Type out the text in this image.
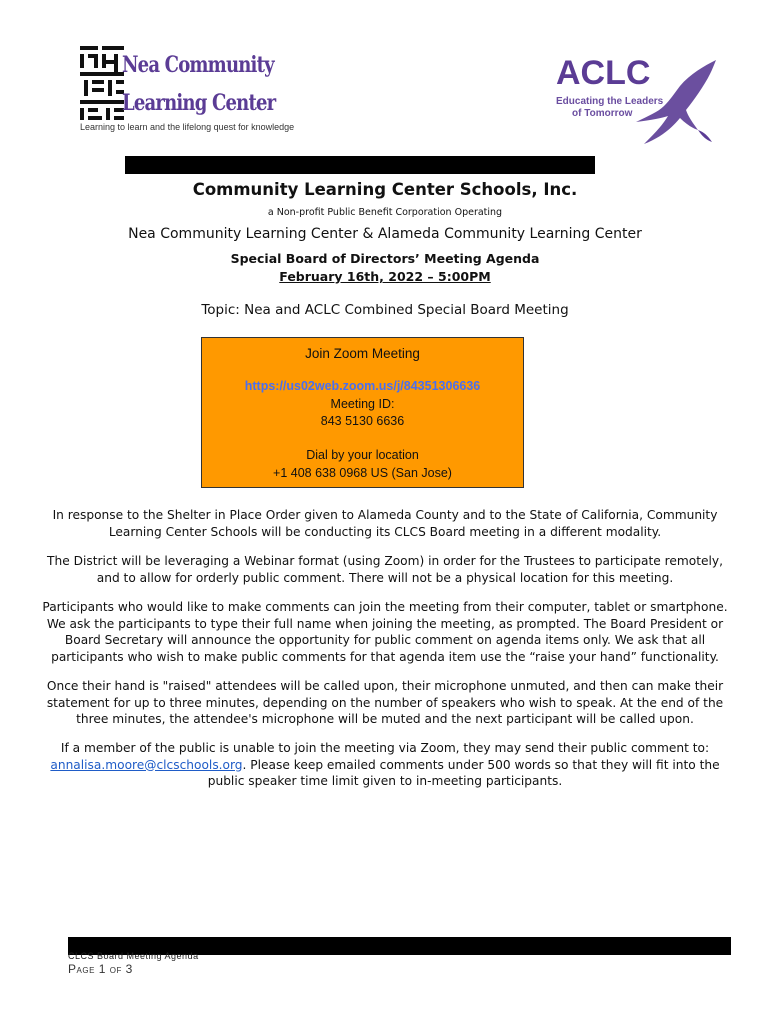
Nea Community
Learning Center
Learning to learn and the lifelong quest for knowledge
ACLC
Educating the Leaders
of Tomorrow
Community Learning Center Schools, Inc.
a Non-profit Public Benefit Corporation Operating
Nea Community Learning Center & Alameda Community Learning Center
Special Board of Directors’ Meeting Agenda
February 16th, 2022 – 5:00PM
Topic: Nea and ACLC Combined Special Board Meeting
Join Zoom Meeting
https://us02web.zoom.us/j/84351306636
Meeting ID:
843 5130 6636
Dial by your location
+1 408 638 0968 US (San Jose)
In response to the Shelter in Place Order given to Alameda County and to the State of California, Community
Learning Center Schools will be conducting its CLCS Board meeting in a different modality.
The District will be leveraging a Webinar format (using Zoom) in order for the Trustees to participate remotely,
and to allow for orderly public comment. There will not be a physical location for this meeting.
Participants who would like to make comments can join the meeting from their computer, tablet or smartphone.
We ask the participants to type their full name when joining the meeting, as prompted. The Board President or
Board Secretary will announce the opportunity for public comment on agenda items only. We ask that all
participants who wish to make public comments for that agenda item use the “raise your hand” functionality.
Once their hand is "raised" attendees will be called upon, their microphone unmuted, and then can make their
statement for up to three minutes, depending on the number of speakers who wish to speak. At the end of the
three minutes, the attendee's microphone will be muted and the next participant will be called upon.
If a member of the public is unable to join the meeting via Zoom, they may send their public comment to:
annalisa.moore@clcschools.org. Please keep emailed comments under 500 words so that they will fit into the
public speaker time limit given to in-meeting participants.
CLCS Board Meeting Agenda
Page 1 of 3
